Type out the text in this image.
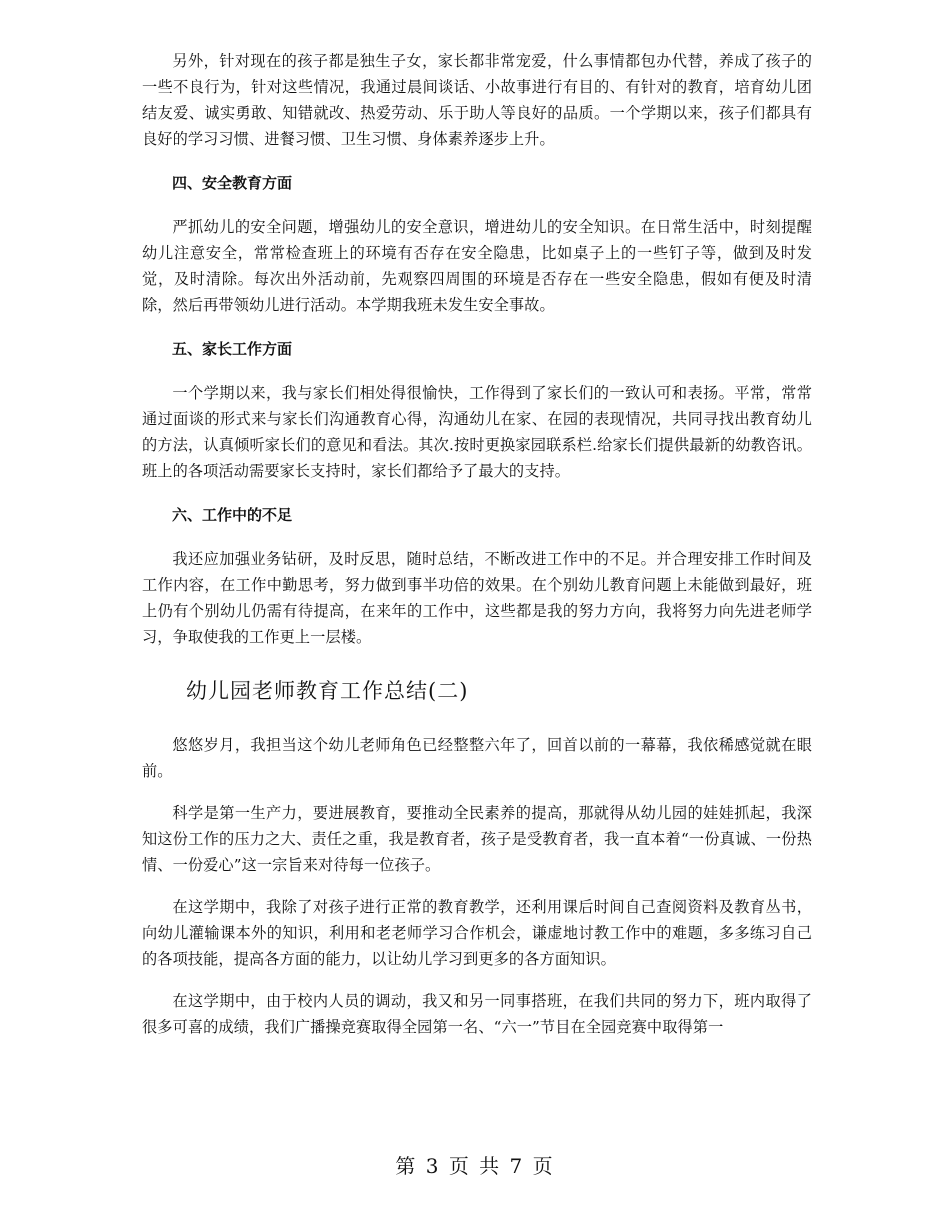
另外，针对现在的孩子都是独生子女，家长都非常宠爱，什么事情都包办代替，养成了孩子的一些不良行为，针对这些情况，我通过晨间谈话、小故事进行有目的、有针对的教育，培育幼儿团结友爱、诚实勇敢、知错就改、热爱劳动、乐于助人等良好的品质。一个学期以来，孩子们都具有良好的学习习惯、进餐习惯、卫生习惯、身体素养逐步上升。

四、安全教育方面

严抓幼儿的安全问题，增强幼儿的安全意识，增进幼儿的安全知识。在日常生活中，时刻提醒幼儿注意安全，常常检查班上的环境有否存在安全隐患，比如桌子上的一些钉子等，做到及时发觉，及时清除。每次出外活动前，先观察四周围的环境是否存在一些安全隐患，假如有便及时清除，然后再带领幼儿进行活动。本学期我班未发生安全事故。

五、家长工作方面

一个学期以来，我与家长们相处得很愉快，工作得到了家长们的一致认可和表扬。平常，常常通过面谈的形式来与家长们沟通教育心得，沟通幼儿在家、在园的表现情况，共同寻找出教育幼儿的方法，认真倾听家长们的意见和看法。其次.按时更换家园联系栏.给家长们提供最新的幼教咨讯。班上的各项活动需要家长支持时，家长们都给予了最大的支持。

六、工作中的不足

我还应加强业务钻研，及时反思，随时总结，不断改进工作中的不足。并合理安排工作时间及工作内容，在工作中勤思考，努力做到事半功倍的效果。在个别幼儿教育问题上未能做到最好，班上仍有个别幼儿仍需有待提高，在来年的工作中，这些都是我的努力方向，我将努力向先进老师学习，争取使我的工作更上一层楼。

幼儿园老师教育工作总结(二)

悠悠岁月，我担当这个幼儿老师角色已经整整六年了，回首以前的一幕幕，我依稀感觉就在眼前。

科学是第一生产力，要进展教育，要推动全民素养的提高，那就得从幼儿园的娃娃抓起，我深知这份工作的压力之大、责任之重，我是教育者，孩子是受教育者，我一直本着“一份真诚、一份热情、一份爱心”这一宗旨来对待每一位孩子。

在这学期中，我除了对孩子进行正常的教育教学，还利用课后时间自己查阅资料及教育丛书，向幼儿灌输课本外的知识，利用和老老师学习合作机会，谦虚地讨教工作中的难题，多多练习自己的各项技能，提高各方面的能力，以让幼儿学习到更多的各方面知识。

在这学期中，由于校内人员的调动，我又和另一同事搭班，在我们共同的努力下，班内取得了很多可喜的成绩，我们广播操竞赛取得全园第一名、“六一”节目在全园竞赛中取得第一

第 3 页 共 7 页
